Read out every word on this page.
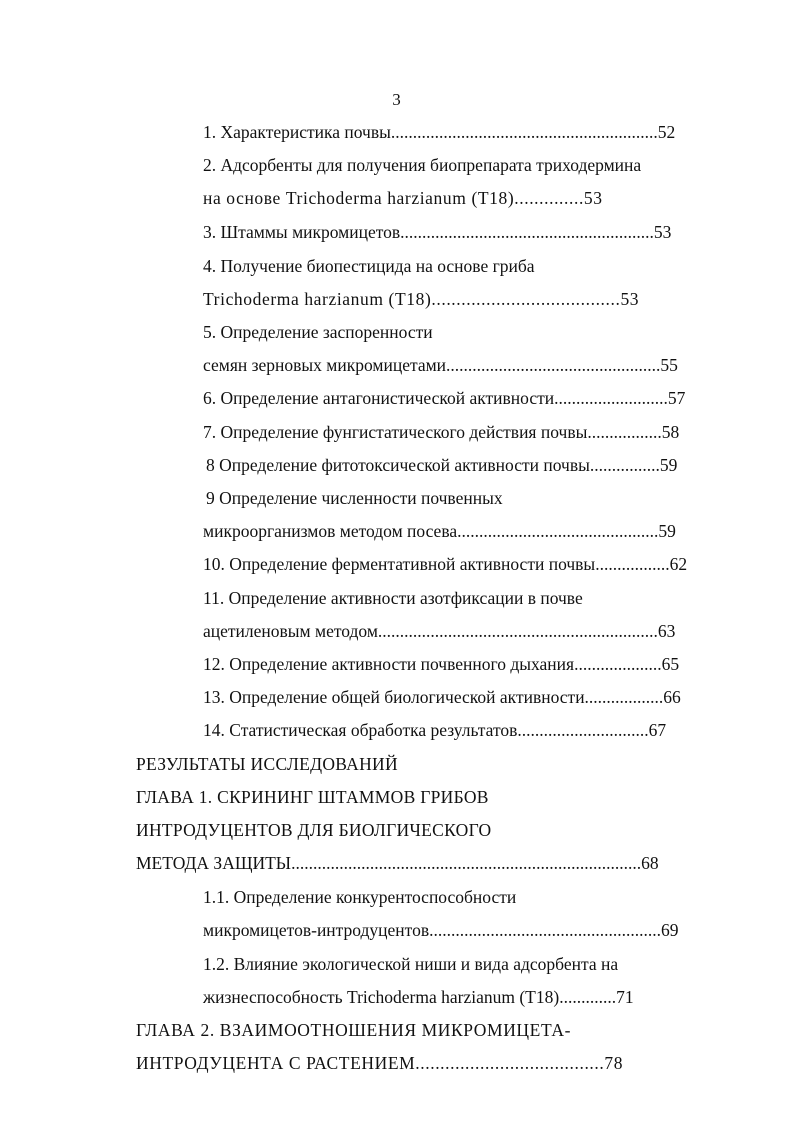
3
1. Характеристика почвы.............................................................52
2. Адсорбенты для получения биопрепарата триходермина
на основе Trichoderma harzianum (T18)..............53
3. Штаммы микромицетов..........................................................53
4. Получение биопестицида на основе гриба
Trichoderma harzianum (T18)......................................53
5. Определение заспоренности
семян зерновых микромицетами.................................................55
6. Определение антагонистической активности..........................57
7. Определение фунгистатического действия почвы.................58
8 Определение фитотоксической активности почвы................59
9 Определение численности почвенных
микроорганизмов методом посева..............................................59
10. Определение ферментативной активности почвы.................62
11. Определение активности азотфиксации в почве
ацетиленовым методом................................................................63
12. Определение активности почвенного дыхания....................65
13. Определение общей биологической активности..................66
14. Статистическая обработка результатов..............................67
РЕЗУЛЬТАТЫ ИССЛЕДОВАНИЙ
ГЛАВА 1. СКРИНИНГ ШТАММОВ ГРИБОВ
ИНТРОДУЦЕНТОВ ДЛЯ БИОЛГИЧЕСКОГО
МЕТОДА ЗАЩИТЫ................................................................................68
1.1. Определение конкурентоспособности
микромицетов-интродуцентов.....................................................69
1.2. Влияние экологической ниши и вида адсорбента на
жизнеспособность Trichoderma harzianum (T18).............71
ГЛАВА 2. ВЗАИМООТНОШЕНИЯ МИКРОМИЦЕТА-
ИНТРОДУЦЕНТА С РАСТЕНИЕМ......................................78
